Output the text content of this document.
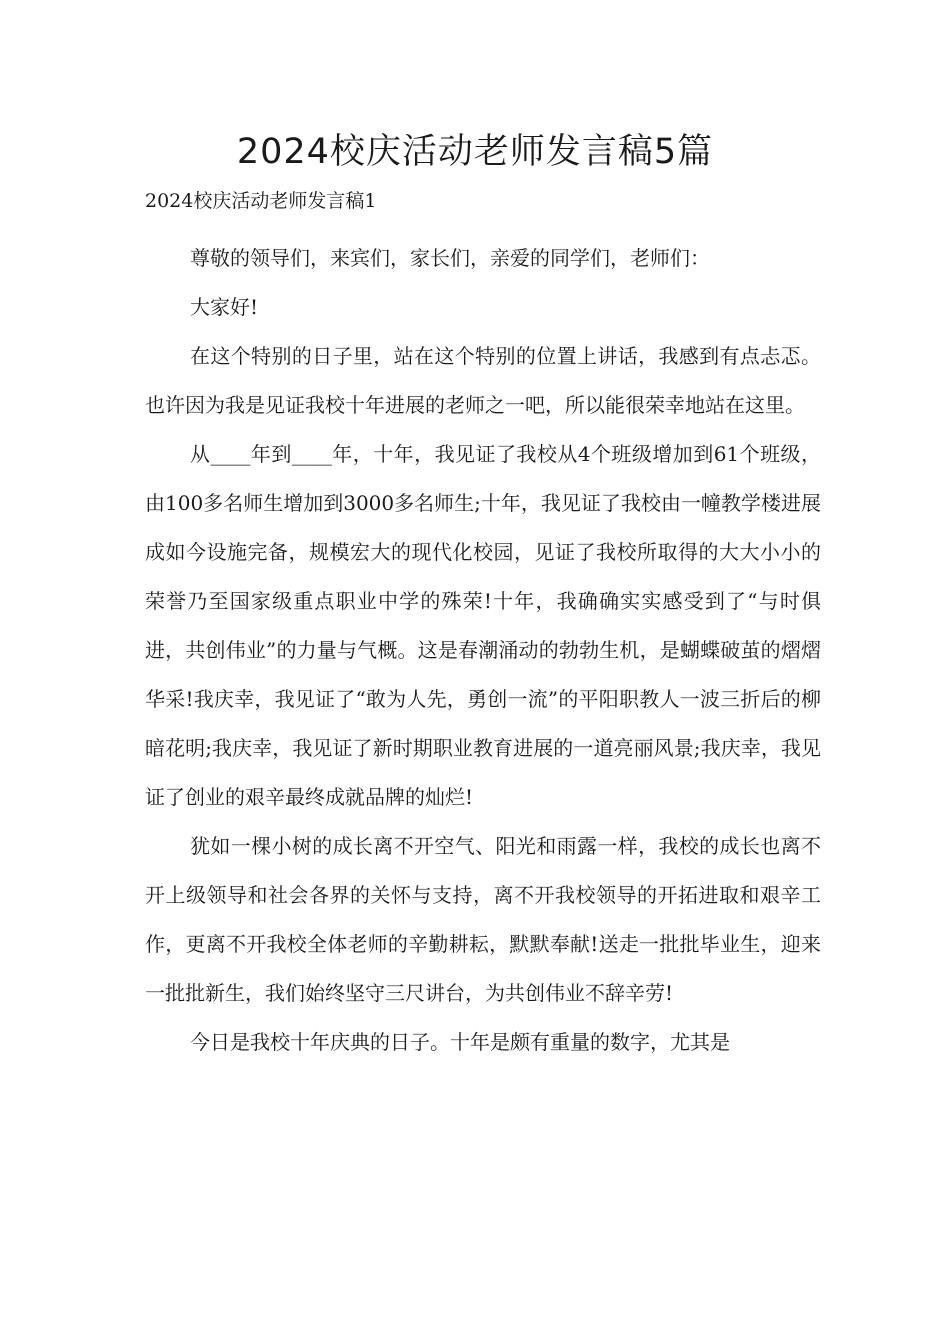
2024校庆活动老师发言稿5篇

2024校庆活动老师发言稿1

尊敬的领导们，来宾们，家长们，亲爱的同学们，老师们：

大家好!

在这个特别的日子里，站在这个特别的位置上讲话，我感到有点忐忑。也许因为我是见证我校十年进展的老师之一吧，所以能很荣幸地站在这里。

从____年到____年，十年，我见证了我校从4个班级增加到61个班级，由100多名师生增加到3000多名师生;十年，我见证了我校由一幢教学楼进展成如今设施完备，规模宏大的现代化校园，见证了我校所取得的大大小小的荣誉乃至国家级重点职业中学的殊荣!十年，我确确实实感受到了“与时俱进，共创伟业”的力量与气概。这是春潮涌动的勃勃生机，是蝴蝶破茧的熠熠华采!我庆幸，我见证了“敢为人先，勇创一流”的平阳职教人一波三折后的柳暗花明;我庆幸，我见证了新时期职业教育进展的一道亮丽风景;我庆幸，我见证了创业的艰辛最终成就品牌的灿烂!

犹如一棵小树的成长离不开空气、阳光和雨露一样，我校的成长也离不开上级领导和社会各界的关怀与支持，离不开我校领导的开拓进取和艰辛工作，更离不开我校全体老师的辛勤耕耘，默默奉献!送走一批批毕业生，迎来一批批新生，我们始终坚守三尺讲台，为共创伟业不辞辛劳!

今日是我校十年庆典的日子。十年是颇有重量的数字，尤其是
